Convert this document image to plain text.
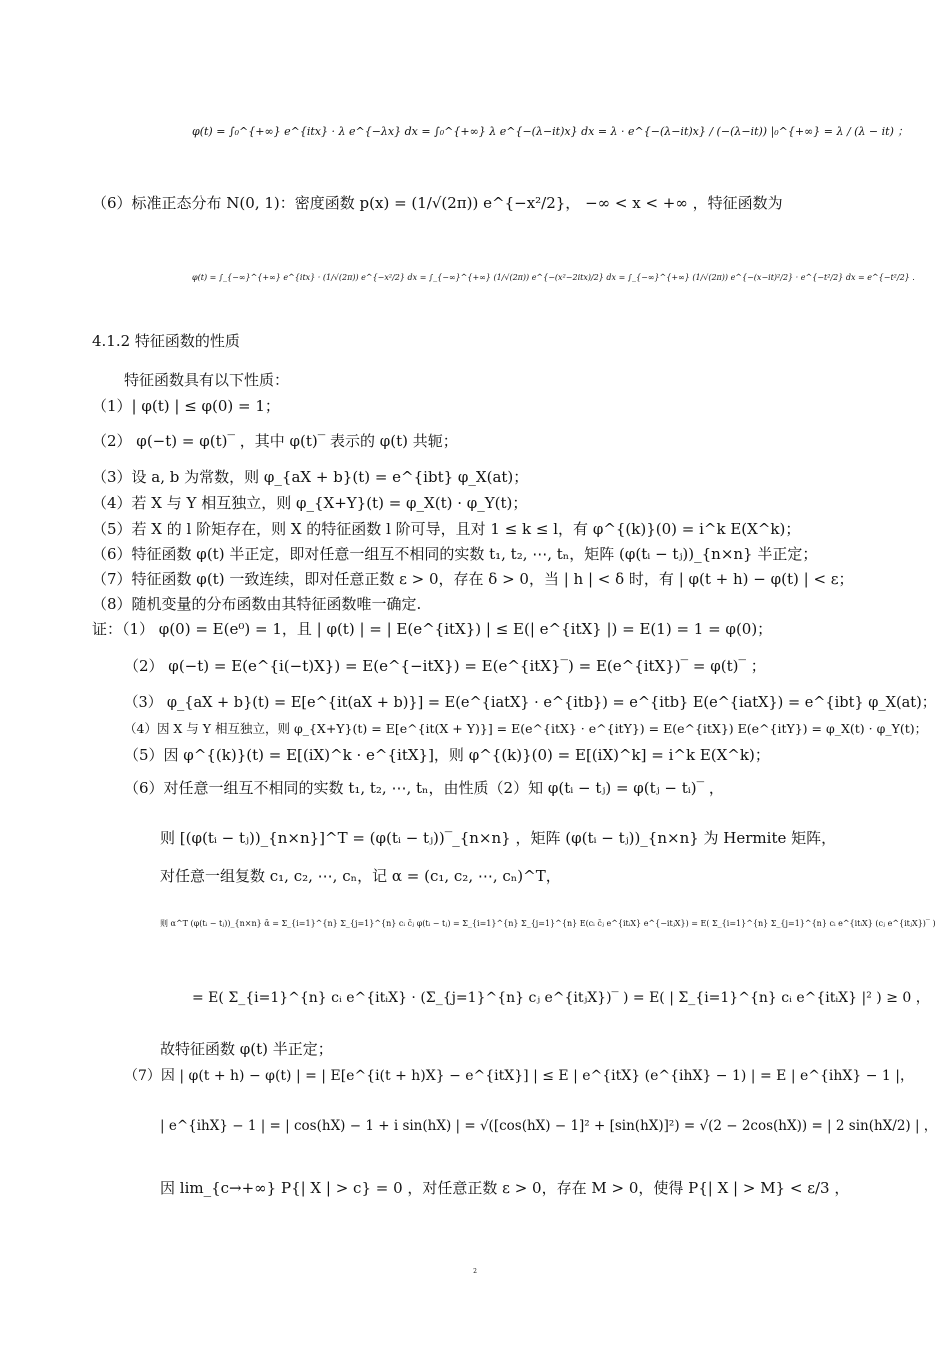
φ(t) = ∫₀^{+∞} e^{itx} · λ e^{−λx} dx = ∫₀^{+∞} λ e^{−(λ−it)x} dx = λ · e^{−(λ−it)x} / (−(λ−it)) |₀^{+∞} = λ / (λ − it) ；
（6）标准正态分布 N(0, 1)：密度函数 p(x) = (1/√(2π)) e^{−x²/2}， −∞ < x < +∞ ，特征函数为
φ(t) = ∫_{−∞}^{+∞} e^{itx} · (1/√(2π)) e^{−x²/2} dx = ∫_{−∞}^{+∞} (1/√(2π)) e^{−(x²−2itx)/2} dx = ∫_{−∞}^{+∞} (1/√(2π)) e^{−(x−it)²/2} · e^{−t²/2} dx = e^{−t²/2} .
4.1.2 特征函数的性质
特征函数具有以下性质：
（1）| φ(t) | ≤ φ(0) = 1；
（2） φ(−t) = φ(t)‾ ，其中 φ(t)‾ 表示的 φ(t) 共轭；
（3）设 a, b 为常数，则 φ_{aX + b}(t) = e^{ibt} φ_X(at)；
（4）若 X 与 Y 相互独立，则 φ_{X+Y}(t) = φ_X(t) · φ_Y(t)；
（5）若 X 的 l 阶矩存在，则 X 的特征函数 l 阶可导，且对 1 ≤ k ≤ l，有 φ^{(k)}(0) = i^k E(X^k)；
（6）特征函数 φ(t) 半正定，即对任意一组互不相同的实数 t₁, t₂, ⋯, tₙ，矩阵 (φ(tᵢ − tⱼ))_{n×n} 半正定；
（7）特征函数 φ(t) 一致连续，即对任意正数 ε > 0，存在 δ > 0，当 | h | < δ 时，有 | φ(t + h) − φ(t) | < ε；
（8）随机变量的分布函数由其特征函数唯一确定.
证：（1） φ(0) = E(e⁰) = 1，且 | φ(t) | = | E(e^{itX}) | ≤ E(| e^{itX} |) = E(1) = 1 = φ(0)；
（2） φ(−t) = E(e^{i(−t)X}) = E(e^{−itX}) = E(e^{itX}‾) = E(e^{itX})‾ = φ(t)‾ ；
（3） φ_{aX + b}(t) = E[e^{it(aX + b)}] = E(e^{iatX} · e^{itb}) = e^{itb} E(e^{iatX}) = e^{ibt} φ_X(at)；
（4）因 X 与 Y 相互独立，则 φ_{X+Y}(t) = E[e^{it(X + Y)}] = E(e^{itX} · e^{itY}) = E(e^{itX}) E(e^{itY}) = φ_X(t) · φ_Y(t)；
（5）因 φ^{(k)}(t) = E[(iX)^k · e^{itX}]，则 φ^{(k)}(0) = E[(iX)^k] = i^k E(X^k)；
（6）对任意一组互不相同的实数 t₁, t₂, ⋯, tₙ，由性质（2）知 φ(tᵢ − tⱼ) = φ(tⱼ − tᵢ)‾ ，
则 [(φ(tᵢ − tⱼ))_{n×n}]^T = (φ(tᵢ − tⱼ))‾_{n×n} ，矩阵 (φ(tᵢ − tⱼ))_{n×n} 为 Hermite 矩阵，
对任意一组复数 c₁, c₂, ⋯, cₙ，记 α = (c₁, c₂, ⋯, cₙ)^T，
则 α^T (φ(tᵢ − tⱼ))_{n×n} ᾱ = Σ_{i=1}^{n} Σ_{j=1}^{n} cᵢ c̄ⱼ φ(tᵢ − tⱼ) = Σ_{i=1}^{n} Σ_{j=1}^{n} E(cᵢ c̄ⱼ e^{itᵢX} e^{−itⱼX}) = E( Σ_{i=1}^{n} Σ_{j=1}^{n} cᵢ e^{itᵢX} (cⱼ e^{itⱼX})‾ )
= E( Σ_{i=1}^{n} cᵢ e^{itᵢX} · (Σ_{j=1}^{n} cⱼ e^{itⱼX})‾ ) = E( | Σ_{i=1}^{n} cᵢ e^{itᵢX} |² ) ≥ 0 ，
故特征函数 φ(t) 半正定；
（7）因 | φ(t + h) − φ(t) | = | E[e^{i(t + h)X} − e^{itX}] | ≤ E | e^{itX} (e^{ihX} − 1) | = E | e^{ihX} − 1 |，
| e^{ihX} − 1 | = | cos(hX) − 1 + i sin(hX) | = √([cos(hX) − 1]² + [sin(hX)]²) = √(2 − 2cos(hX)) = | 2 sin(hX/2) | ，
因 lim_{c→+∞} P{| X | > c} = 0 ，对任意正数 ε > 0，存在 M > 0，使得 P{| X | > M} < ε/3 ，
2
